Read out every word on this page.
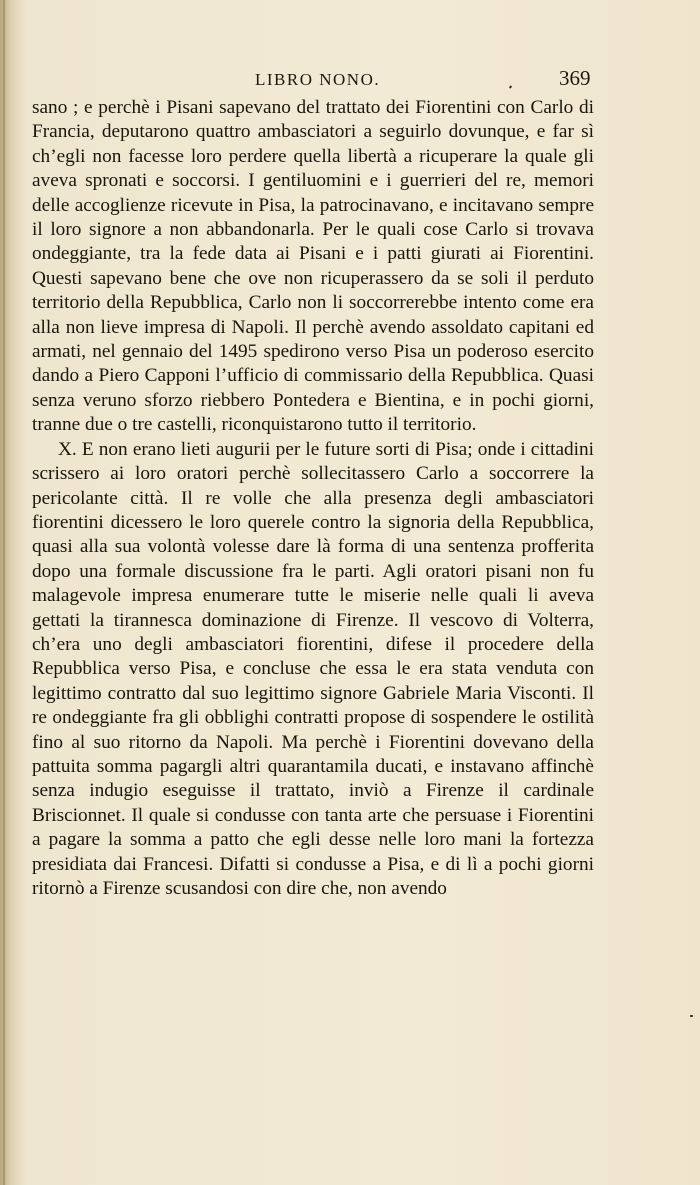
LIBRO NONO.	369

sano ; e perchè i Pisani sapevano del trattato dei Fiorentini con Carlo di Francia, deputarono quattro ambasciatori a seguirlo dovunque, e far sì ch’egli non facesse loro perdere quella libertà a ricuperare la quale gli aveva spronati e soccorsi. I gentiluomini e i guerrieri del re, memori delle accoglienze ricevute in Pisa, la patrocinavano, e incitavano sempre il loro signore a non abbandonarla. Per le quali cose Carlo si trovava ondeggiante, tra la fede data ai Pisani e i patti giurati ai Fiorentini. Questi sapevano bene che ove non ricuperassero da se soli il perduto territorio della Repubblica, Carlo non li soccorrerebbe intento come era alla non lieve impresa di Napoli. Il perchè avendo assoldato capitani ed armati, nel gennaio del 1495 spedirono verso Pisa un poderoso esercito dando a Piero Capponi l’ufficio di commissario della Repubblica. Quasi senza veruno sforzo riebbero Pontedera e Bientina, e in pochi giorni, tranne due o tre castelli, riconquistarono tutto il territorio.

X. E non erano lieti augurii per le future sorti di Pisa; onde i cittadini scrissero ai loro oratori perchè sollecitassero Carlo a soccorrere la pericolante città. Il re volle che alla presenza degli ambasciatori fiorentini dicessero le loro querele contro la signoria della Repubblica, quasi alla sua volontà volesse dare là forma di una sentenza profferita dopo una formale discussione fra le parti. Agli oratori pisani non fu malagevole impresa enumerare tutte le miserie nelle quali li aveva gettati la tirannesca dominazione di Firenze. Il vescovo di Volterra, ch’era uno degli ambasciatori fiorentini, difese il procedere della Repubblica verso Pisa, e concluse che essa le era stata venduta con legittimo contratto dal suo legittimo signore Gabriele Maria Visconti. Il re ondeggiante fra gli obblighi contratti propose di sospendere le ostilità fino al suo ritorno da Napoli. Ma perchè i Fiorentini dovevano della pattuita somma pagargli altri quarantamila ducati, e instavano affinchè senza indugio eseguisse il trattato, inviò a Firenze il cardinale Briscionnet. Il quale si condusse con tanta arte che persuase i Fiorentini a pagare la somma a patto che egli desse nelle loro mani la fortezza presidiata dai Francesi. Difatti si condusse a Pisa, e di lì a pochi giorni ritornò a Firenze scusandosi con dire che, non avendo
